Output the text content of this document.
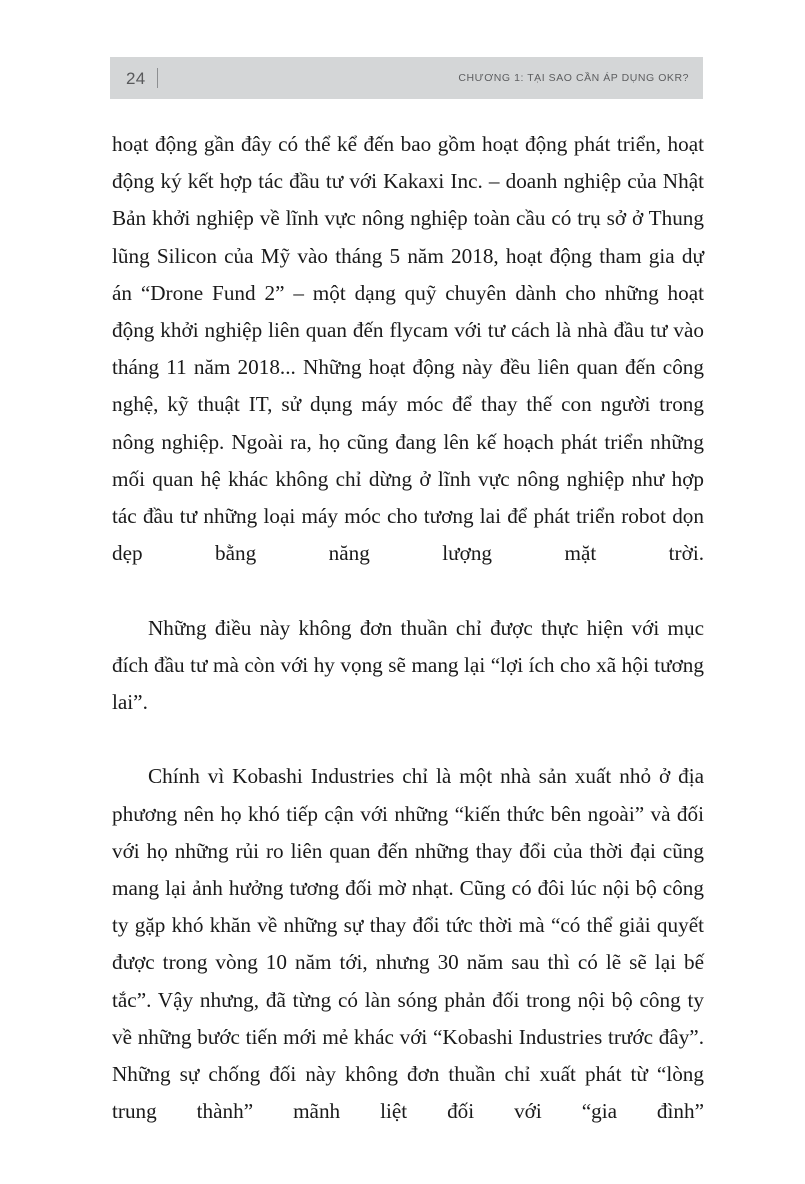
24	CHƯƠNG 1: TẠI SAO CẦN ÁP DỤNG OKR?

hoạt động gần đây có thể kể đến bao gồm hoạt động phát triển, hoạt động ký kết hợp tác đầu tư với Kakaxi Inc. – doanh nghiệp của Nhật Bản khởi nghiệp về lĩnh vực nông nghiệp toàn cầu có trụ sở ở Thung lũng Silicon của Mỹ vào tháng 5 năm 2018, hoạt động tham gia dự án “Drone Fund 2” – một dạng quỹ chuyên dành cho những hoạt động khởi nghiệp liên quan đến flycam với tư cách là nhà đầu tư vào tháng 11 năm 2018... Những hoạt động này đều liên quan đến công nghệ, kỹ thuật IT, sử dụng máy móc để thay thế con người trong nông nghiệp. Ngoài ra, họ cũng đang lên kế hoạch phát triển những mối quan hệ khác không chỉ dừng ở lĩnh vực nông nghiệp như hợp tác đầu tư những loại máy móc cho tương lai để phát triển robot dọn dẹp bằng năng lượng mặt trời.

Những điều này không đơn thuần chỉ được thực hiện với mục đích đầu tư mà còn với hy vọng sẽ mang lại “lợi ích cho xã hội tương lai”.

Chính vì Kobashi Industries chỉ là một nhà sản xuất nhỏ ở địa phương nên họ khó tiếp cận với những “kiến thức bên ngoài” và đối với họ những rủi ro liên quan đến những thay đổi của thời đại cũng mang lại ảnh hưởng tương đối mờ nhạt. Cũng có đôi lúc nội bộ công ty gặp khó khăn về những sự thay đổi tức thời mà “có thể giải quyết được trong vòng 10 năm tới, nhưng 30 năm sau thì có lẽ sẽ lại bế tắc”. Vậy nhưng, đã từng có làn sóng phản đối trong nội bộ công ty về những bước tiến mới mẻ khác với “Kobashi Industries trước đây”. Những sự chống đối này không đơn thuần chỉ xuất phát từ “lòng trung thành” mãnh liệt đối với “gia đình”
